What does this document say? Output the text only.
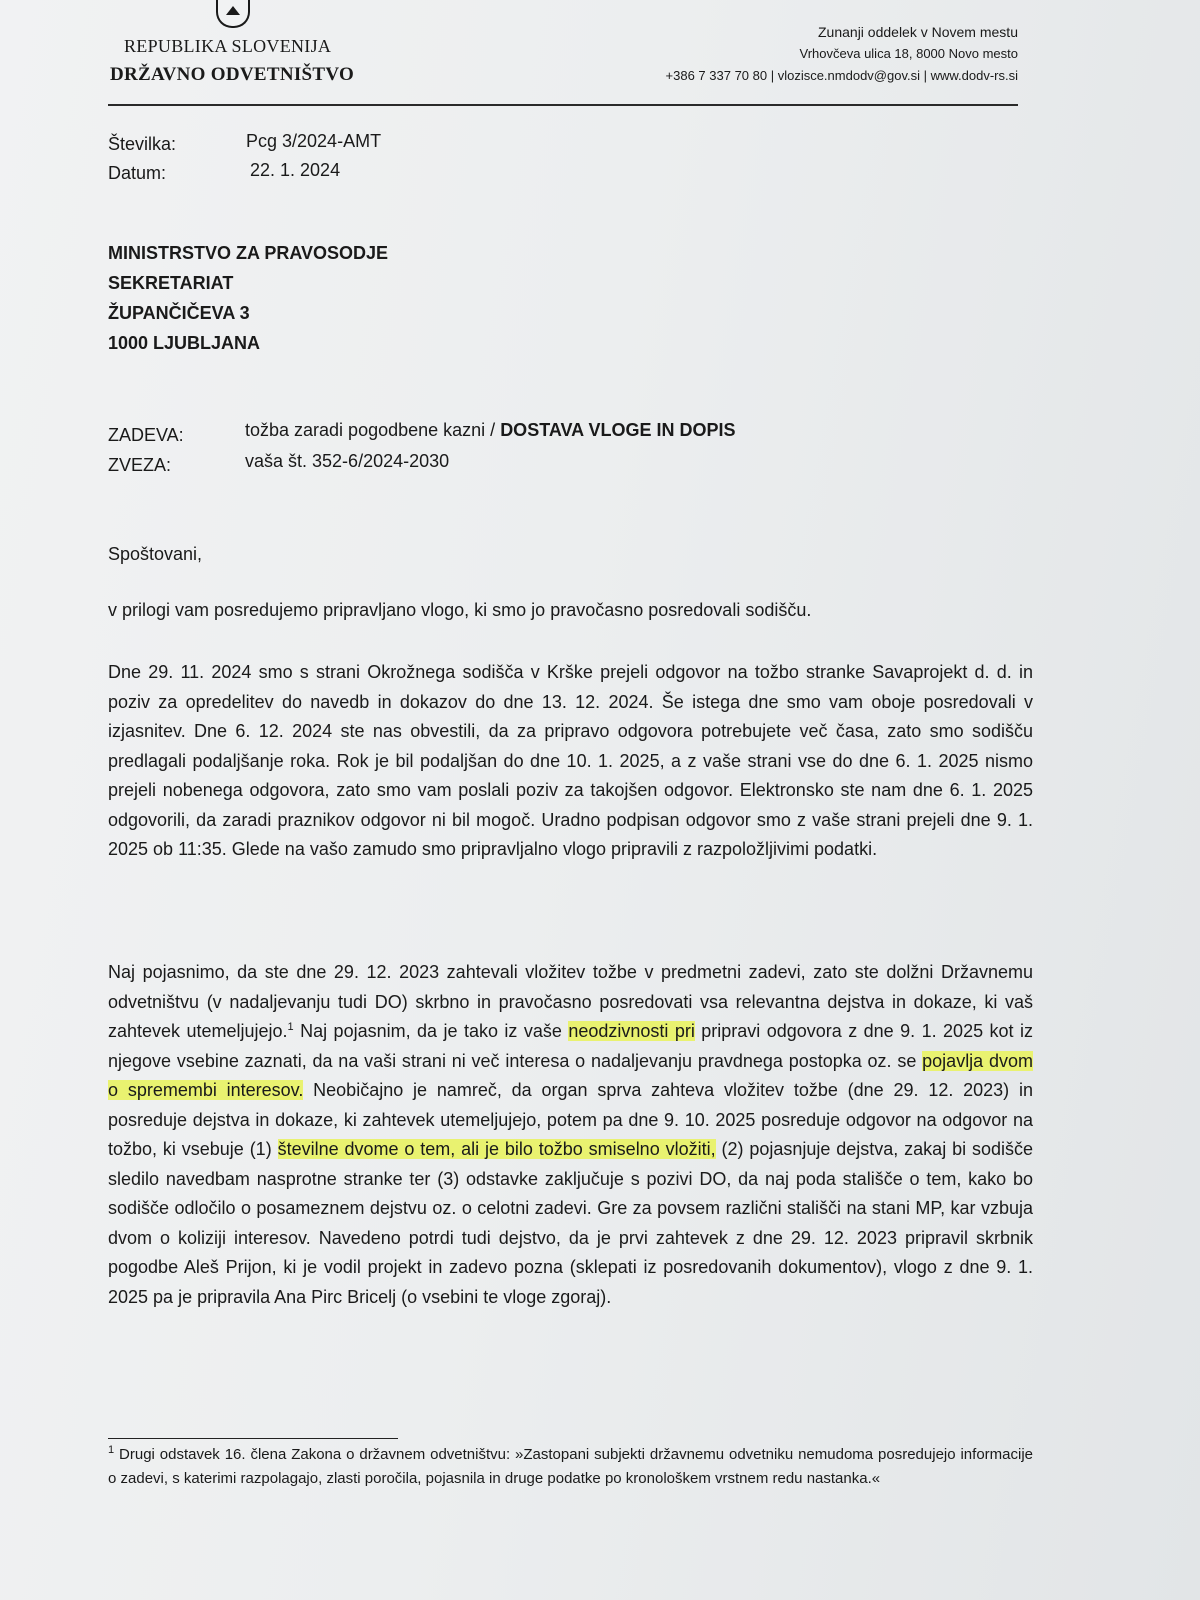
REPUBLIKA SLOVENIJA
DRŽAVNO ODVETNIŠTVO
Zunanji oddelek v Novem mestu
Vrhovčeva ulica 18, 8000 Novo mesto
+386 7 337 70 80 | vlozisce.nmdodv@gov.si | www.dodv-rs.si
Številka:	Pcg 3/2024-AMT
Datum:	22. 1. 2024
MINISTRSTVO ZA PRAVOSODJE
SEKRETARIAT
ŽUPANČIČEVA 3
1000 LJUBLJANA
ZADEVA:	tožba zaradi pogodbene kazni / DOSTAVA VLOGE IN DOPIS
ZVEZA:	vaša št. 352-6/2024-2030
Spoštovani,
v prilogi vam posredujemo pripravljano vlogo, ki smo jo pravočasno posredovali sodišču.
Dne 29. 11. 2024 smo s strani Okrožnega sodišča v Krške prejeli odgovor na tožbo stranke Savaprojekt d. d. in poziv za opredelitev do navedb in dokazov do dne 13. 12. 2024. Še istega dne smo vam oboje posredovali v izjasnitev. Dne 6. 12. 2024 ste nas obvestili, da za pripravo odgovora potrebujete več časa, zato smo sodišču predlagali podaljšanje roka. Rok je bil podaljšan do dne 10. 1. 2025, a z vaše strani vse do dne 6. 1. 2025 nismo prejeli nobenega odgovora, zato smo vam poslali poziv za takojšen odgovor. Elektronsko ste nam dne 6. 1. 2025 odgovorili, da zaradi praznikov odgovor ni bil mogoč. Uradno podpisan odgovor smo z vaše strani prejeli dne 9. 1. 2025 ob 11:35. Glede na vašo zamudo smo pripravljalno vlogo pripravili z razpoložljivimi podatki.
Naj pojasnimo, da ste dne 29. 12. 2023 zahtevali vložitev tožbe v predmetni zadevi, zato ste dolžni Državnemu odvetništvu (v nadaljevanju tudi DO) skrbno in pravočasno posredovati vsa relevantna dejstva in dokaze, ki vaš zahtevek utemeljujejo.$^1$ Naj pojasnim, da je tako iz vaše neodzivnosti pri pripravi odgovora z dne 9. 1. 2025 kot iz njegove vsebine zaznati, da na vaši strani ni več interesa o nadaljevanju pravdnega postopka oz. se pojavlja dvom o spremembi interesov. Neobičajno je namreč, da organ sprva zahteva vložitev tožbe (dne 29. 12. 2023) in posreduje dejstva in dokaze, ki zahtevek utemeljujejo, potem pa dne 9. 10. 2025 posreduje odgovor na odgovor na tožbo, ki vsebuje (1) številne dvome o tem, ali je bilo tožbo smiselno vložiti, (2) pojasnjuje dejstva, zakaj bi sodišče sledilo navedbam nasprotne stranke ter (3) odstavke zaključuje s pozivi DO, da naj poda stališče o tem, kako bo sodišče odločilo o posameznem dejstvu oz. o celotni zadevi. Gre za povsem različni stališči na stani MP, kar vzbuja dvom o koliziji interesov. Navedeno potrdi tudi dejstvo, da je prvi zahtevek z dne 29. 12. 2023 pripravil skrbnik pogodbe Aleš Prijon, ki je vodil projekt in zadevo pozna (sklepati iz posredovanih dokumentov), vlogo z dne 9. 1. 2025 pa je pripravila Ana Pirc Bricelj (o vsebini te vloge zgoraj).
$^1$ Drugi odstavek 16. člena Zakona o državnem odvetništvu: »Zastopani subjekti državnemu odvetniku nemudoma posredujejo informacije o zadevi, s katerimi razpolagajo, zlasti poročila, pojasnila in druge podatke po kronološkem vrstnem redu nastanka.«
